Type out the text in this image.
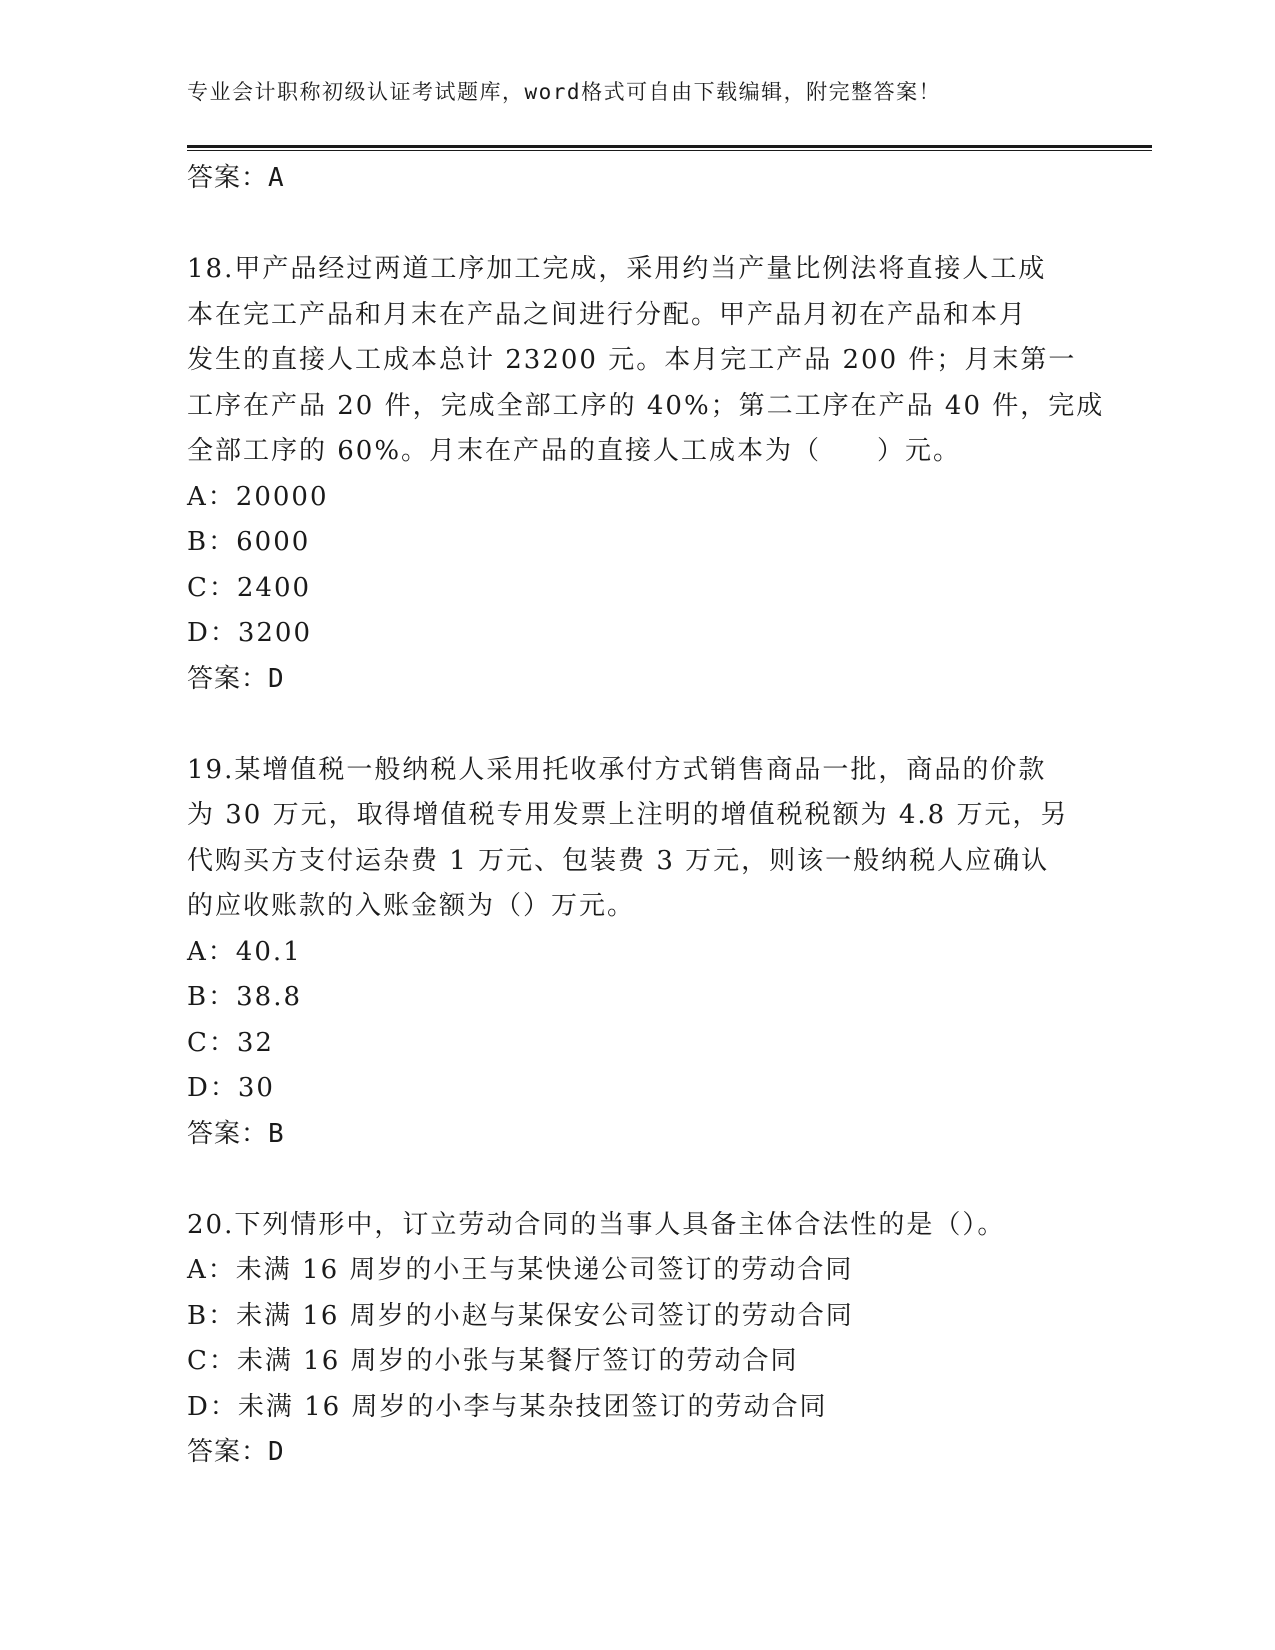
专业会计职称初级认证考试题库，word格式可自由下载编辑，附完整答案！
答案：A
18.甲产品经过两道工序加工完成，采用约当产量比例法将直接人工成
本在完工产品和月末在产品之间进行分配。甲产品月初在产品和本月
发生的直接人工成本总计 23200 元。本月完工产品 200 件；月末第一
工序在产品 20 件，完成全部工序的 40%；第二工序在产品 40 件，完成
全部工序的 60%。月末在产品的直接人工成本为（　　）元。
A：20000
B：6000
C：2400
D：3200
答案：D
19.某增值税一般纳税人采用托收承付方式销售商品一批，商品的价款
为 30 万元，取得增值税专用发票上注明的增值税税额为 4.8 万元，另
代购买方支付运杂费 1 万元、包装费 3 万元，则该一般纳税人应确认
的应收账款的入账金额为（）万元。
A：40.1
B：38.8
C：32
D：30
答案：B
20.下列情形中，订立劳动合同的当事人具备主体合法性的是（）。
A：未满 16 周岁的小王与某快递公司签订的劳动合同
B：未满 16 周岁的小赵与某保安公司签订的劳动合同
C：未满 16 周岁的小张与某餐厅签订的劳动合同
D：未满 16 周岁的小李与某杂技团签订的劳动合同
答案：D
